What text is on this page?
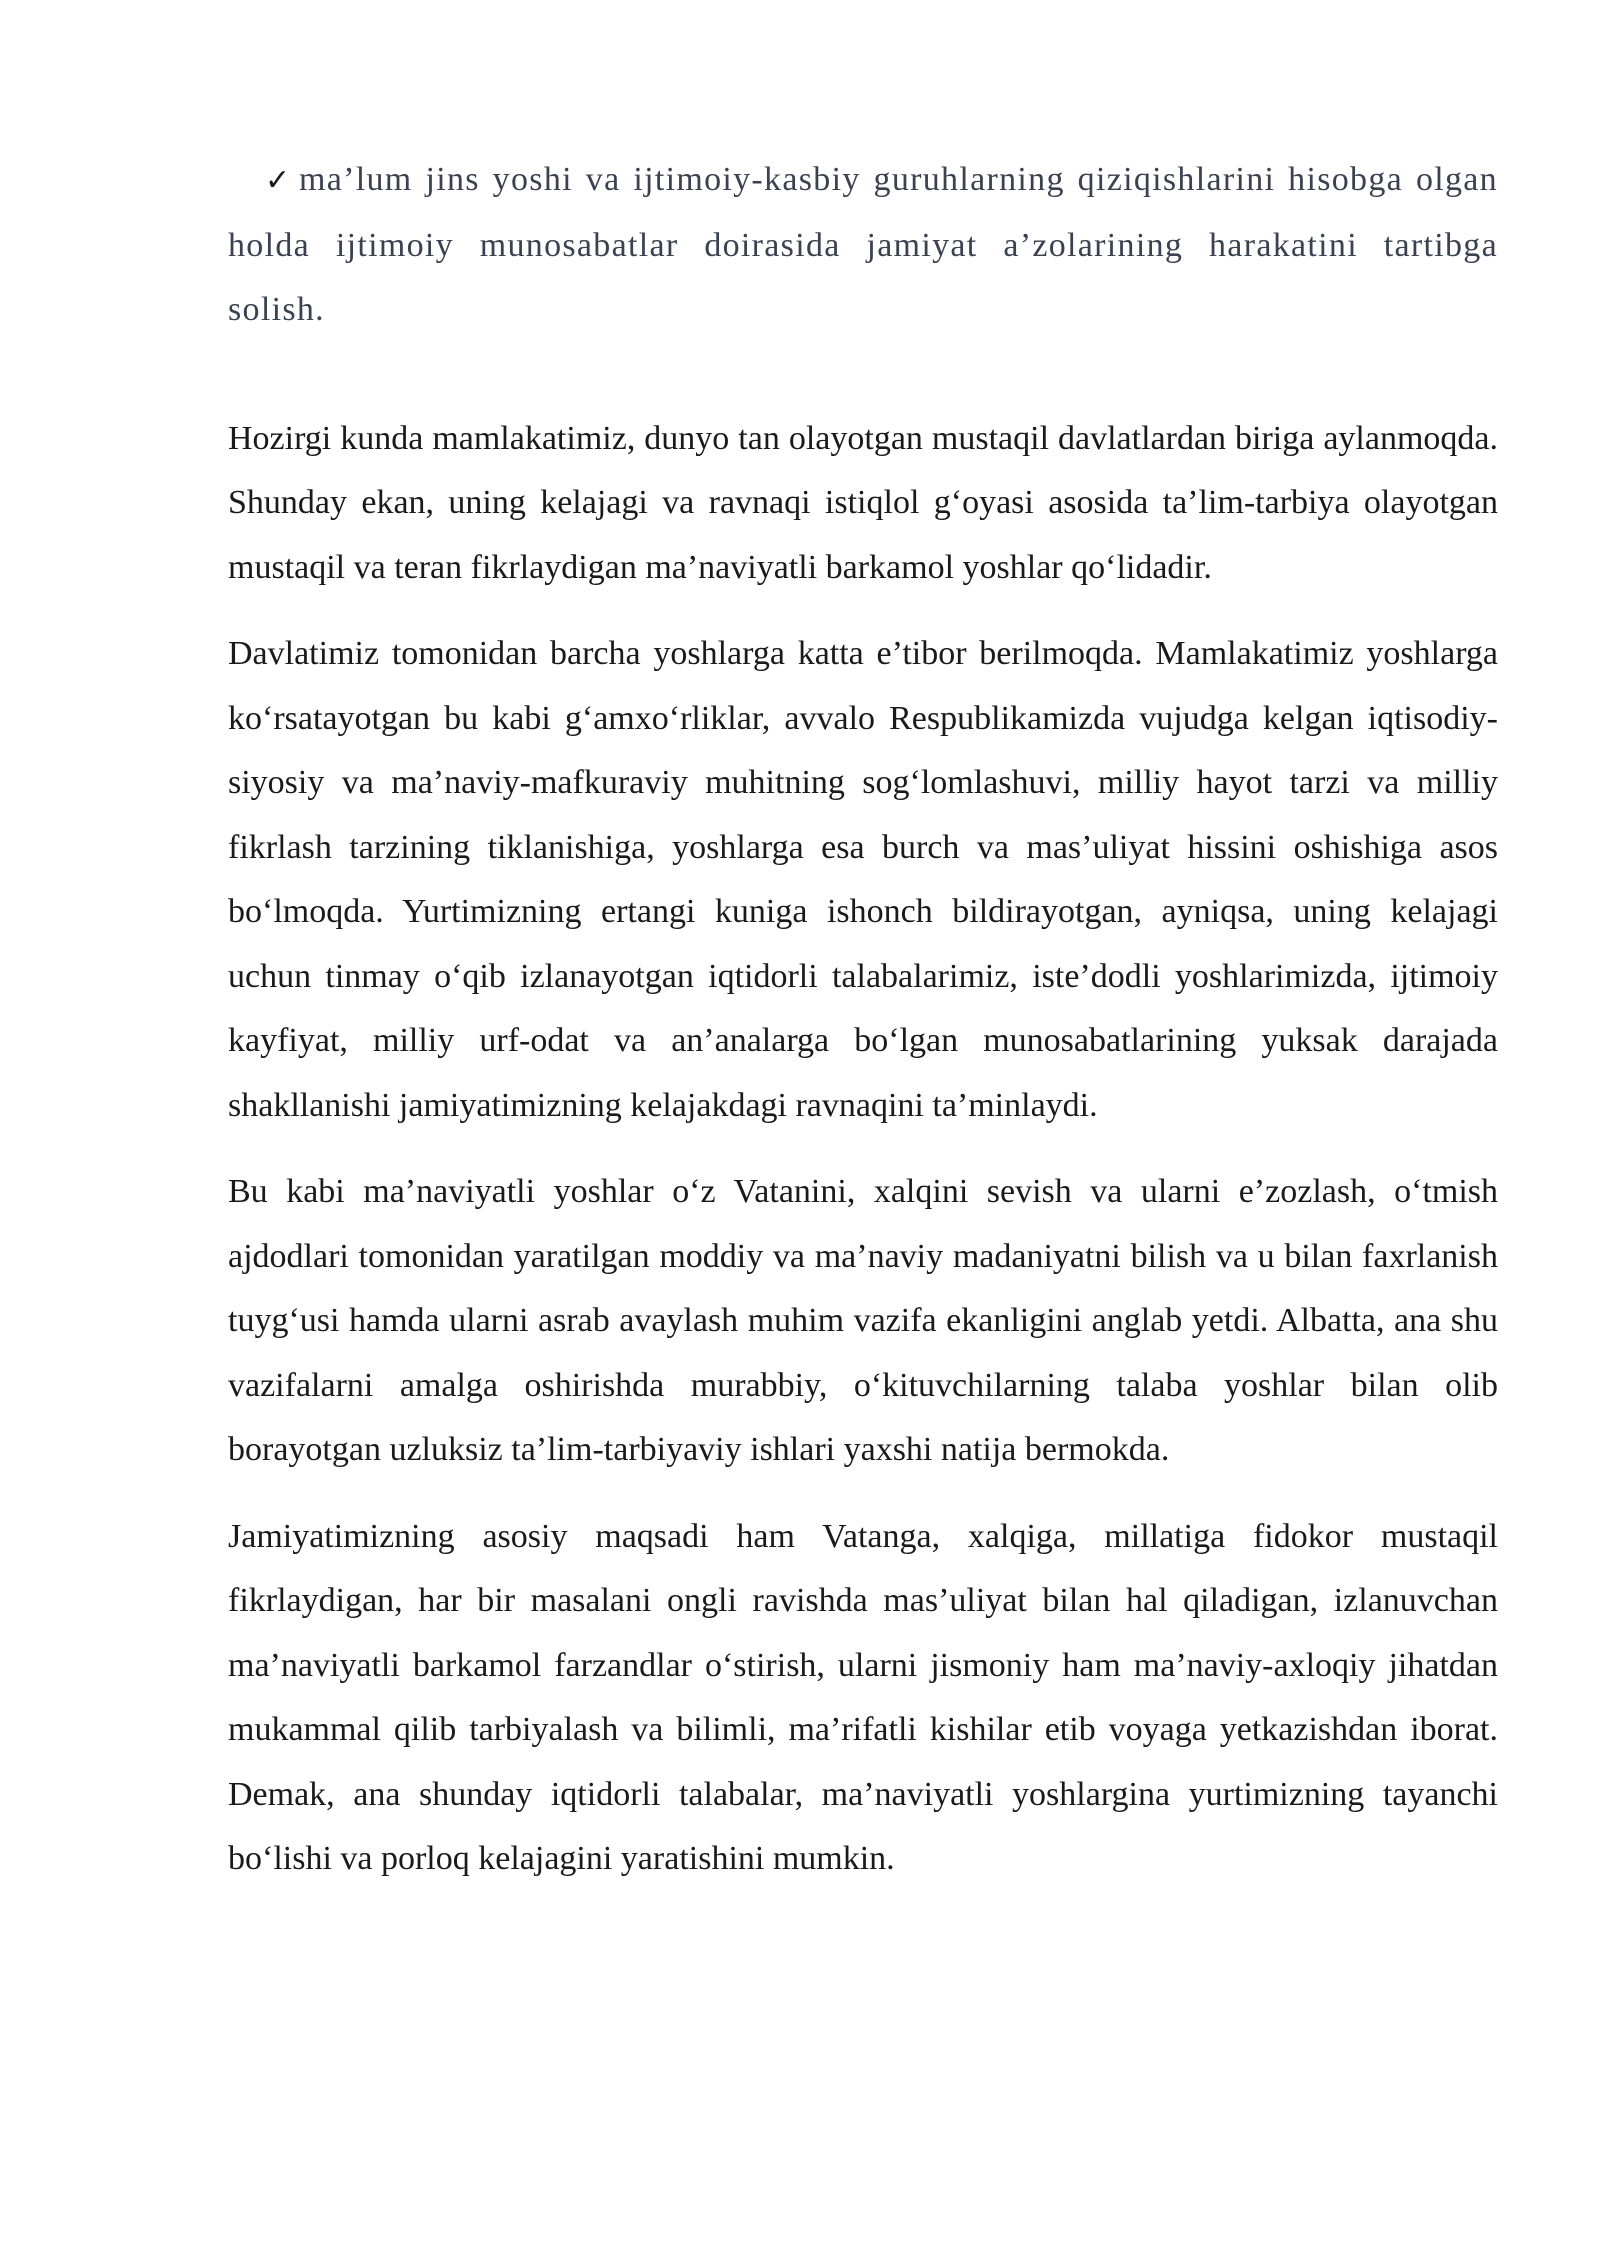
✓ ma’lum jins yoshi va ijtimoiy-kasbiy guruhlarning qiziqishlarini hisobga olgan holda ijtimoiy munosabatlar doirasida jamiyat a’zolarining harakatini tartibga solish.

Hozirgi kunda mamlakatimiz, dunyo tan olayotgan mustaqil davlatlardan biriga aylanmoqda. Shunday ekan, uning kelajagi va ravnaqi istiqlol g‘oyasi asosida ta’lim-tarbiya olayotgan mustaqil va teran fikrlaydigan ma’naviyatli barkamol yoshlar qo‘lidadir.

Davlatimiz tomonidan barcha yoshlarga katta e’tibor berilmoqda. Mamlakatimiz yoshlarga ko‘rsatayotgan bu kabi g‘amxo‘rliklar, avvalo Respublikamizda vujudga kelgan iqtisodiy-siyosiy va ma’naviy-mafkuraviy muhitning sog‘lomlashuvi, milliy hayot tarzi va milliy fikrlash tarzining tiklanishiga, yoshlarga esa burch va mas’uliyat hissini oshishiga asos bo‘lmoqda. Yurtimizning ertangi kuniga ishonch bildirayotgan, ayniqsa, uning kelajagi uchun tinmay o‘qib izlanayotgan iqtidorli talabalarimiz, iste’dodli yoshlarimizda, ijtimoiy kayfiyat, milliy urf-odat va an’analarga bo‘lgan munosabatlarining yuksak darajada shakllanishi jamiyatimizning kelajakdagi ravnaqini ta’minlaydi.

Bu kabi ma’naviyatli yoshlar o‘z Vatanini, xalqini sevish va ularni e’zozlash, o‘tmish ajdodlari tomonidan yaratilgan moddiy va ma’naviy madaniyatni bilish va u bilan faxrlanish tuyg‘usi hamda ularni asrab avaylash muhim vazifa ekanligini anglab yetdi. Albatta, ana shu vazifalarni amalga oshirishda murabbiy, o‘kituvchilarning talaba yoshlar bilan olib borayotgan uzluksiz ta’lim-tarbiyaviy ishlari yaxshi natija bermokda.

Jamiyatimizning asosiy maqsadi ham Vatanga, xalqiga, millatiga fidokor mustaqil fikrlaydigan, har bir masalani ongli ravishda mas’uliyat bilan hal qiladigan, izlanuvchan ma’naviyatli barkamol farzandlar o‘stirish, ularni jismoniy ham ma’naviy-axloqiy jihatdan mukammal qilib tarbiyalash va bilimli, ma’rifatli kishilar etib voyaga yetkazishdan iborat. Demak, ana shunday iqtidorli talabalar, ma’naviyatli yoshlargina yurtimizning tayanchi bo‘lishi va porloq kelajagini yaratishini mumkin.
